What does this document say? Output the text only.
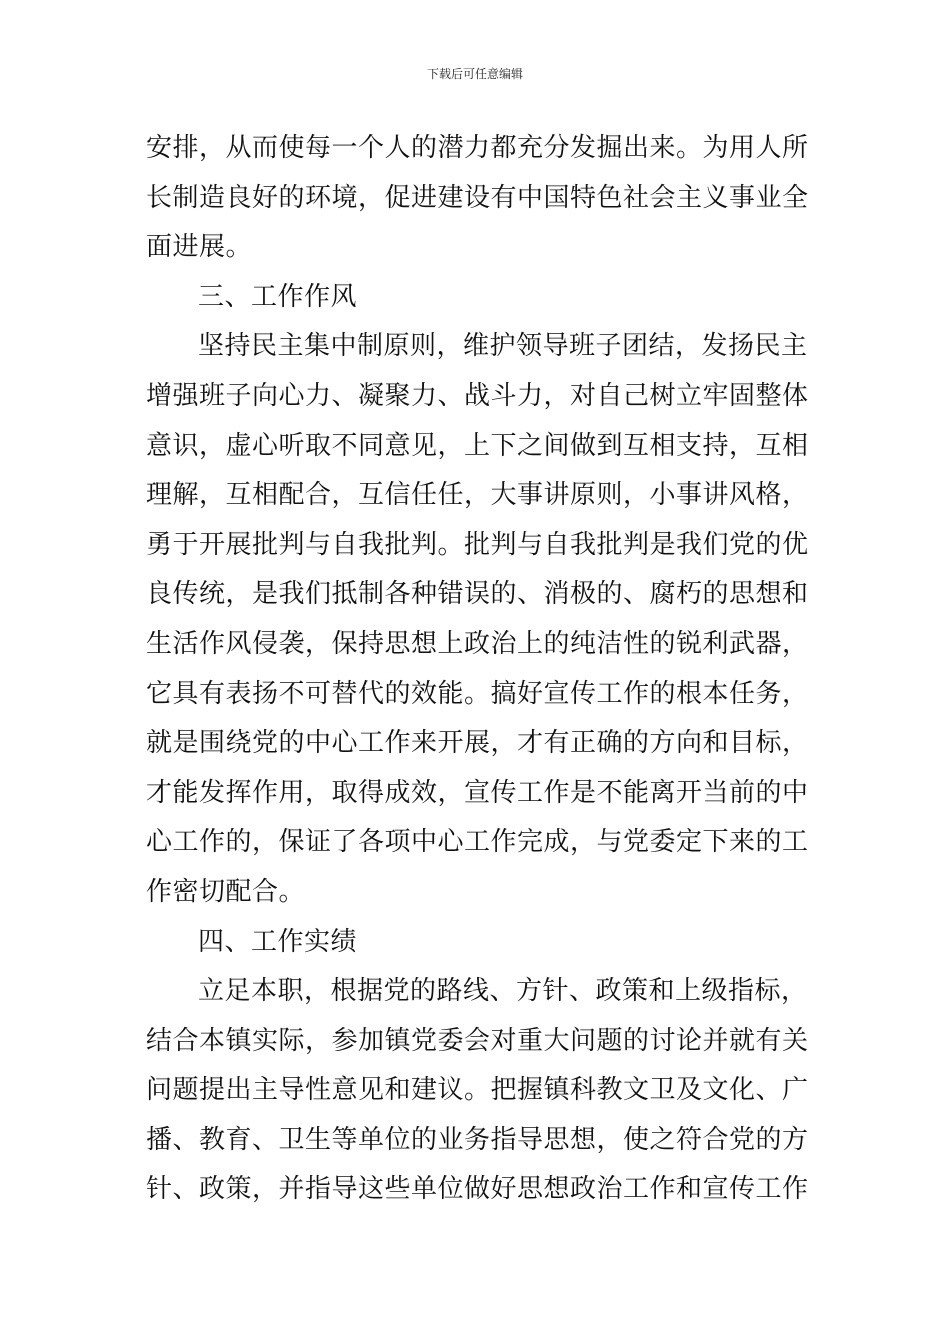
下载后可任意编辑
安排，从而使每一个人的潜力都充分发掘出来。为用人所
长制造良好的环境，促进建设有中国特色社会主义事业全
面进展。
三、工作作风
坚持民主集中制原则，维护领导班子团结，发扬民主
增强班子向心力、凝聚力、战斗力，对自己树立牢固整体
意识，虚心听取不同意见，上下之间做到互相支持，互相
理解，互相配合，互信任任，大事讲原则，小事讲风格，
勇于开展批判与自我批判。批判与自我批判是我们党的优
良传统，是我们抵制各种错误的、消极的、腐朽的思想和
生活作风侵袭，保持思想上政治上的纯洁性的锐利武器，
它具有表扬不可替代的效能。搞好宣传工作的根本任务，
就是围绕党的中心工作来开展，才有正确的方向和目标，
才能发挥作用，取得成效，宣传工作是不能离开当前的中
心工作的，保证了各项中心工作完成，与党委定下来的工
作密切配合。
四、工作实绩
立足本职，根据党的路线、方针、政策和上级指标，
结合本镇实际，参加镇党委会对重大问题的讨论并就有关
问题提出主导性意见和建议。把握镇科教文卫及文化、广
播、教育、卫生等单位的业务指导思想，使之符合党的方
针、政策，并指导这些单位做好思想政治工作和宣传工作
